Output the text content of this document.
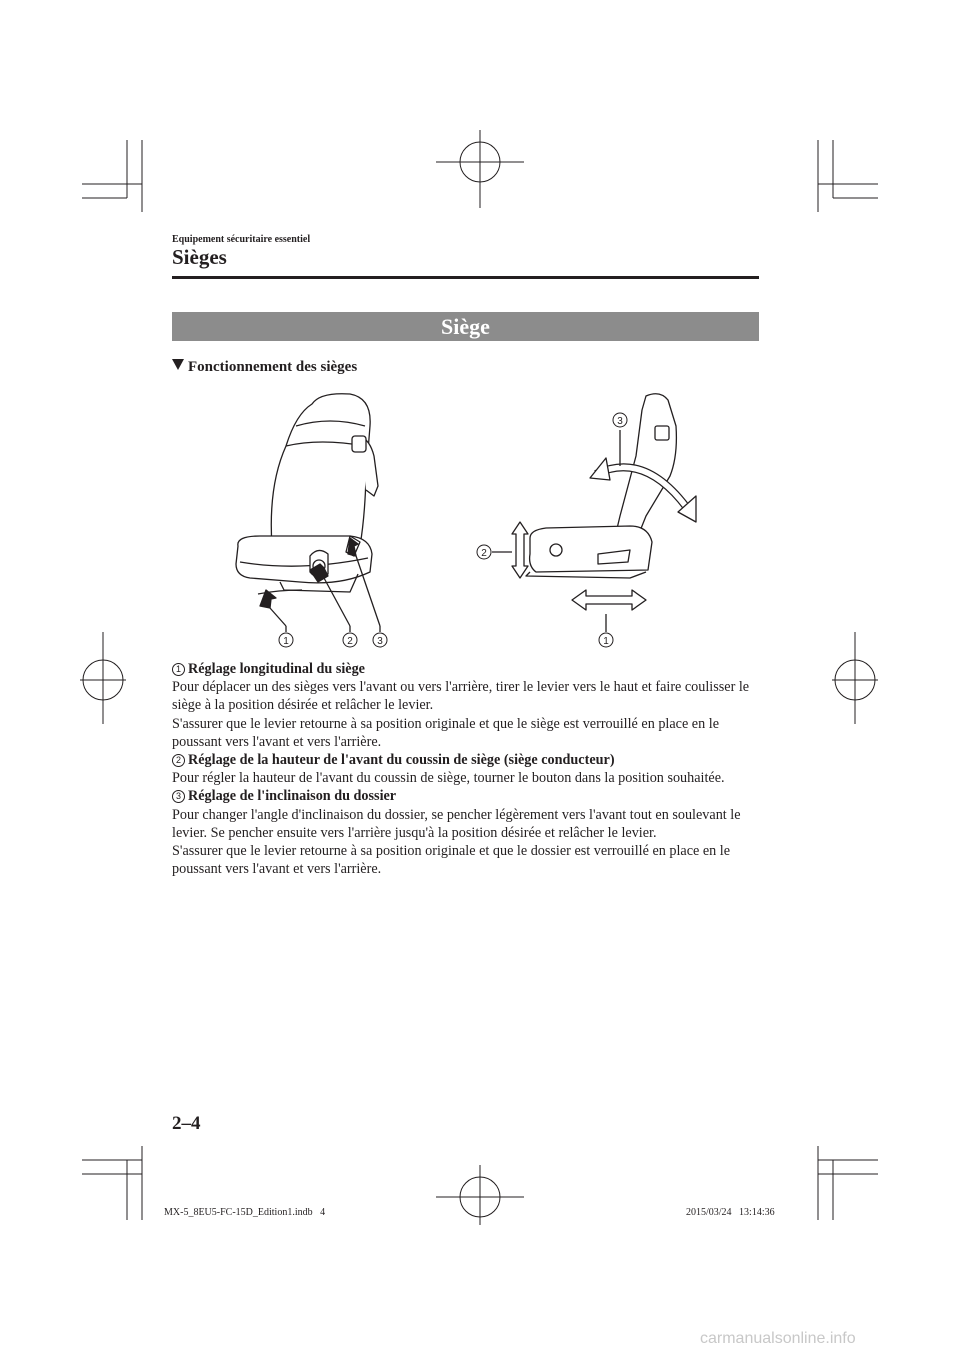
Equipement sécuritaire essentiel
Sièges
Siège
Fonctionnement des sièges
1	2 3
3
2
1

1 Réglage longitudinal du siège

Pour déplacer un des sièges vers l'avant ou vers l'arrière, tirer le levier vers le haut et faire coulisser le siège à la position désirée et relâcher le levier.

S'assurer que le levier retourne à sa position originale et que le siège est verrouillé en place en le poussant vers l'avant et vers l'arrière.

2 Réglage de la hauteur de l'avant du coussin de siège (siège conducteur)

Pour régler la hauteur de l'avant du coussin de siège, tourner le bouton dans la position souhaitée.

3 Réglage de l'inclinaison du dossier

Pour changer l'angle d'inclinaison du dossier, se pencher légèrement vers l'avant tout en soulevant le levier. Se pencher ensuite vers l'arrière jusqu'à la position désirée et relâcher le levier.

S'assurer que le levier retourne à sa position originale et que le dossier est verrouillé en place en le poussant vers l'avant et vers l'arrière.

2–4
MX-5_8EU5-FC-15D_Edition1.indb   4	2015/03/24   13:14:36
carmanualsonline.info
